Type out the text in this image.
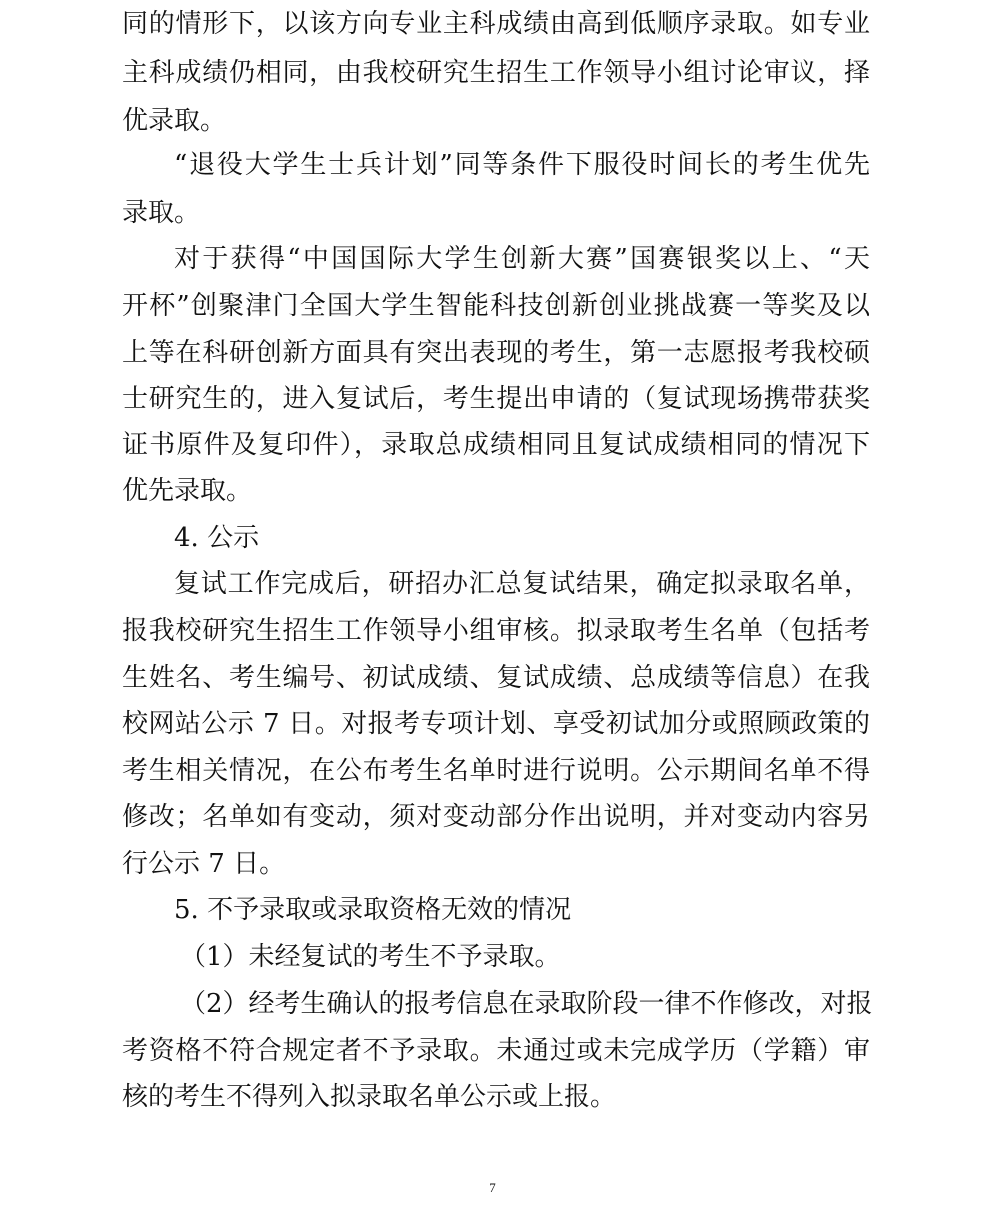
同的情形下，以该方向专业主科成绩由高到低顺序录取。如专业
主科成绩仍相同，由我校研究生招生工作领导小组讨论审议，择
优录取。
“退役大学生士兵计划”同等条件下服役时间长的考生优先
录取。
对于获得“中国国际大学生创新大赛”国赛银奖以上、“天
开杯”创聚津门全国大学生智能科技创新创业挑战赛一等奖及以
上等在科研创新方面具有突出表现的考生，第一志愿报考我校硕
士研究生的，进入复试后，考生提出申请的（复试现场携带获奖
证书原件及复印件），录取总成绩相同且复试成绩相同的情况下
优先录取。
4. 公示
复试工作完成后，研招办汇总复试结果，确定拟录取名单，
报我校研究生招生工作领导小组审核。拟录取考生名单（包括考
生姓名、考生编号、初试成绩、复试成绩、总成绩等信息）在我
校网站公示 7 日。对报考专项计划、享受初试加分或照顾政策的
考生相关情况，在公布考生名单时进行说明。公示期间名单不得
修改；名单如有变动，须对变动部分作出说明，并对变动内容另
行公示 7 日。
5. 不予录取或录取资格无效的情况
（1）未经复试的考生不予录取。
（2）经考生确认的报考信息在录取阶段一律不作修改，对报
考资格不符合规定者不予录取。未通过或未完成学历（学籍）审
核的考生不得列入拟录取名单公示或上报。
7
